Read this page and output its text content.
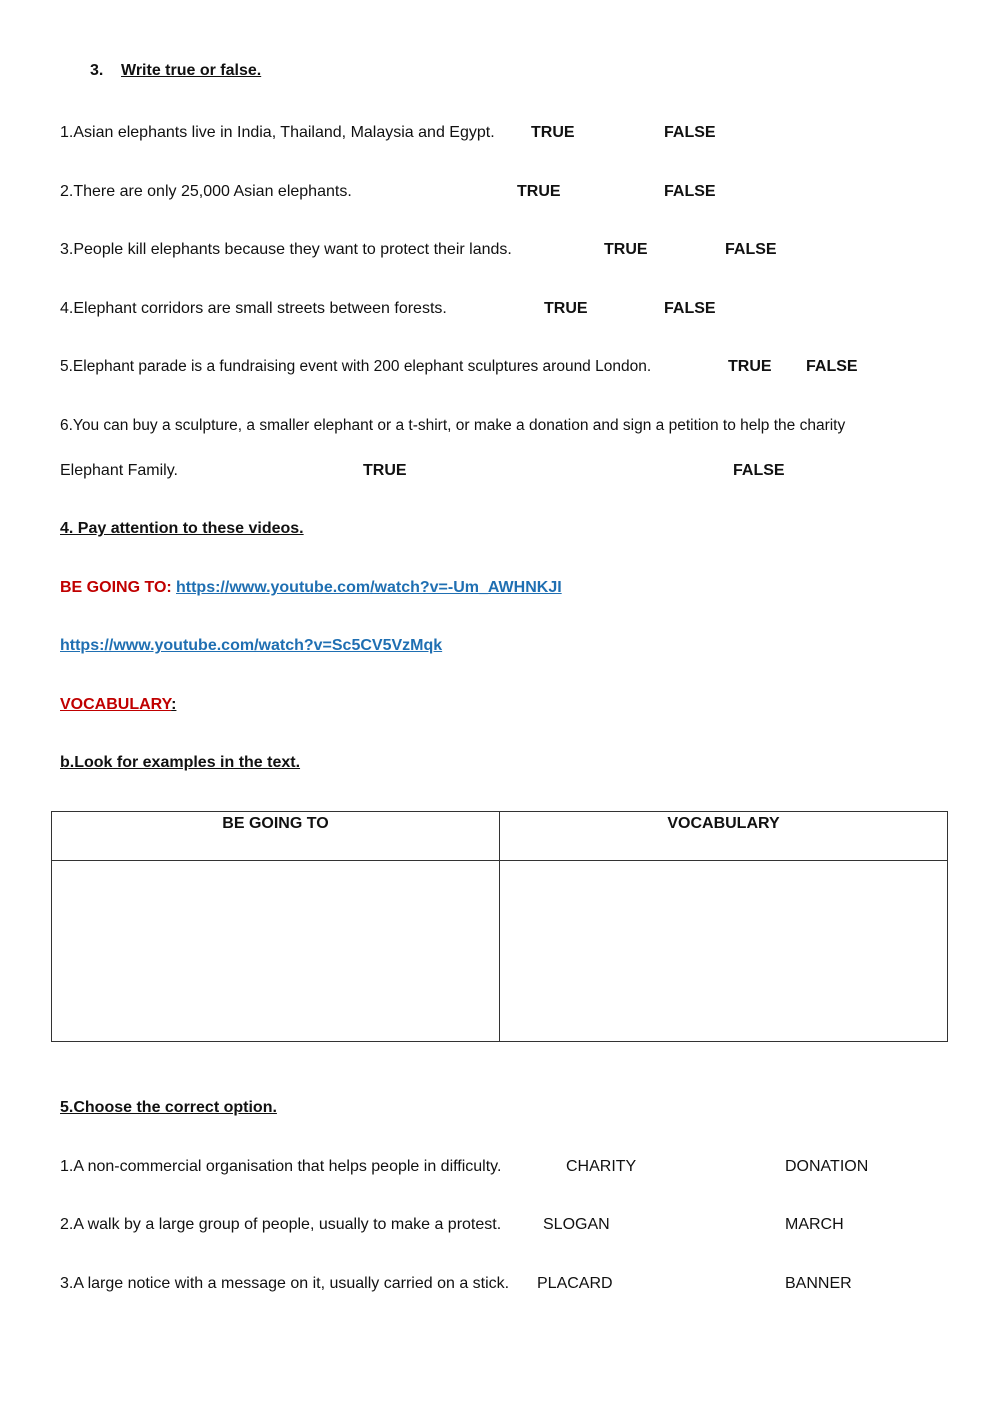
3. Write true or false.
1.Asian elephants live in India, Thailand, Malaysia and Egypt. TRUE	FALSE
2.There are only 25,000 Asian elephants.	TRUE	FALSE
3.People kill elephants because they want to protect their lands.	TRUE	FALSE
4.Elephant corridors are small streets between forests.	TRUE	FALSE
5.Elephant parade is a fundraising event with 200 elephant sculptures around London.	TRUE FALSE
6.You can buy a sculpture, a smaller elephant or a t-shirt, or make a donation and sign a petition to help the charity
Elephant Family.	TRUE	FALSE
4. Pay attention to these videos.
BE GOING TO: https://www.youtube.com/watch?v=-Um_AWHNKJI
https://www.youtube.com/watch?v=Sc5CV5VzMqk
VOCABULARY:
b.Look for examples in the text.
BE GOING TO	VOCABULARY

5.Choose the correct option.
1.A non-commercial organisation that helps people in difficulty.	CHARITY	DONATION
2.A walk by a large group of people, usually to make a protest.	SLOGAN	MARCH
3.A large notice with a message on it, usually carried on a stick. PLACARD	BANNER
